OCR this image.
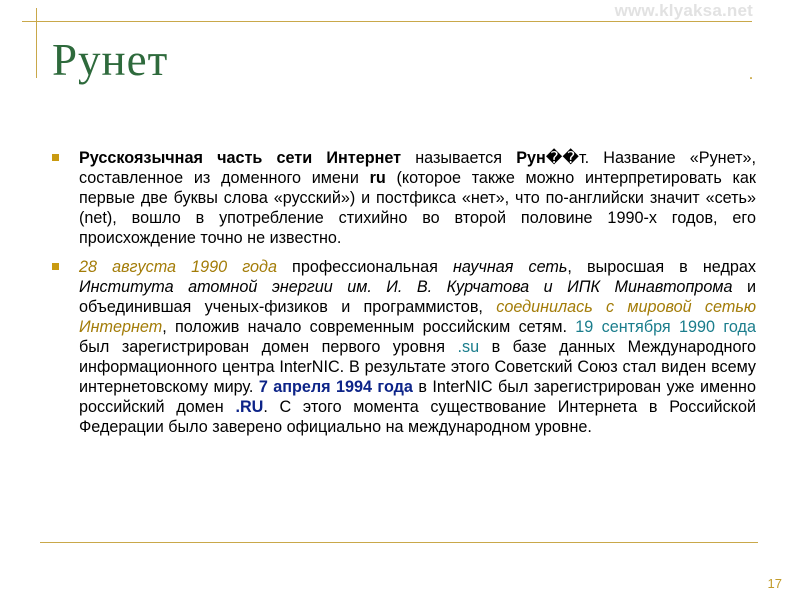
www.klyaksa.net
Рунет	.
Русскоязычная часть сети Интернет называется Рун��т. Название «Рунет», составленное из доменного имени ru (которое также можно интерпретировать как первые две буквы слова «русский») и постфикса «нет», что по-английски значит «сеть» (net), вошло в употребление стихийно во второй половине 1990-х годов, его происхождение точно не известно.
28 августа 1990 года профессиональная научная сеть, выросшая в недрах Института атомной энергии им. И. В. Курчатова и ИПК Минавтопрома и объединившая ученых-физиков и программистов, соединилась с мировой сетью Интернет, положив начало современным российским сетям. 19 сентября 1990 года был зарегистрирован домен первого уровня .su в базе данных Международного информационного центра InterNIC. В результате этого Советский Союз стал виден всему интернетовскому миру. 7 апреля 1994 года в InterNIC был зарегистрирован уже именно российский домен .RU. С этого момента существование Интернета в Российской Федерации было заверено официально на международном уровне.
17
